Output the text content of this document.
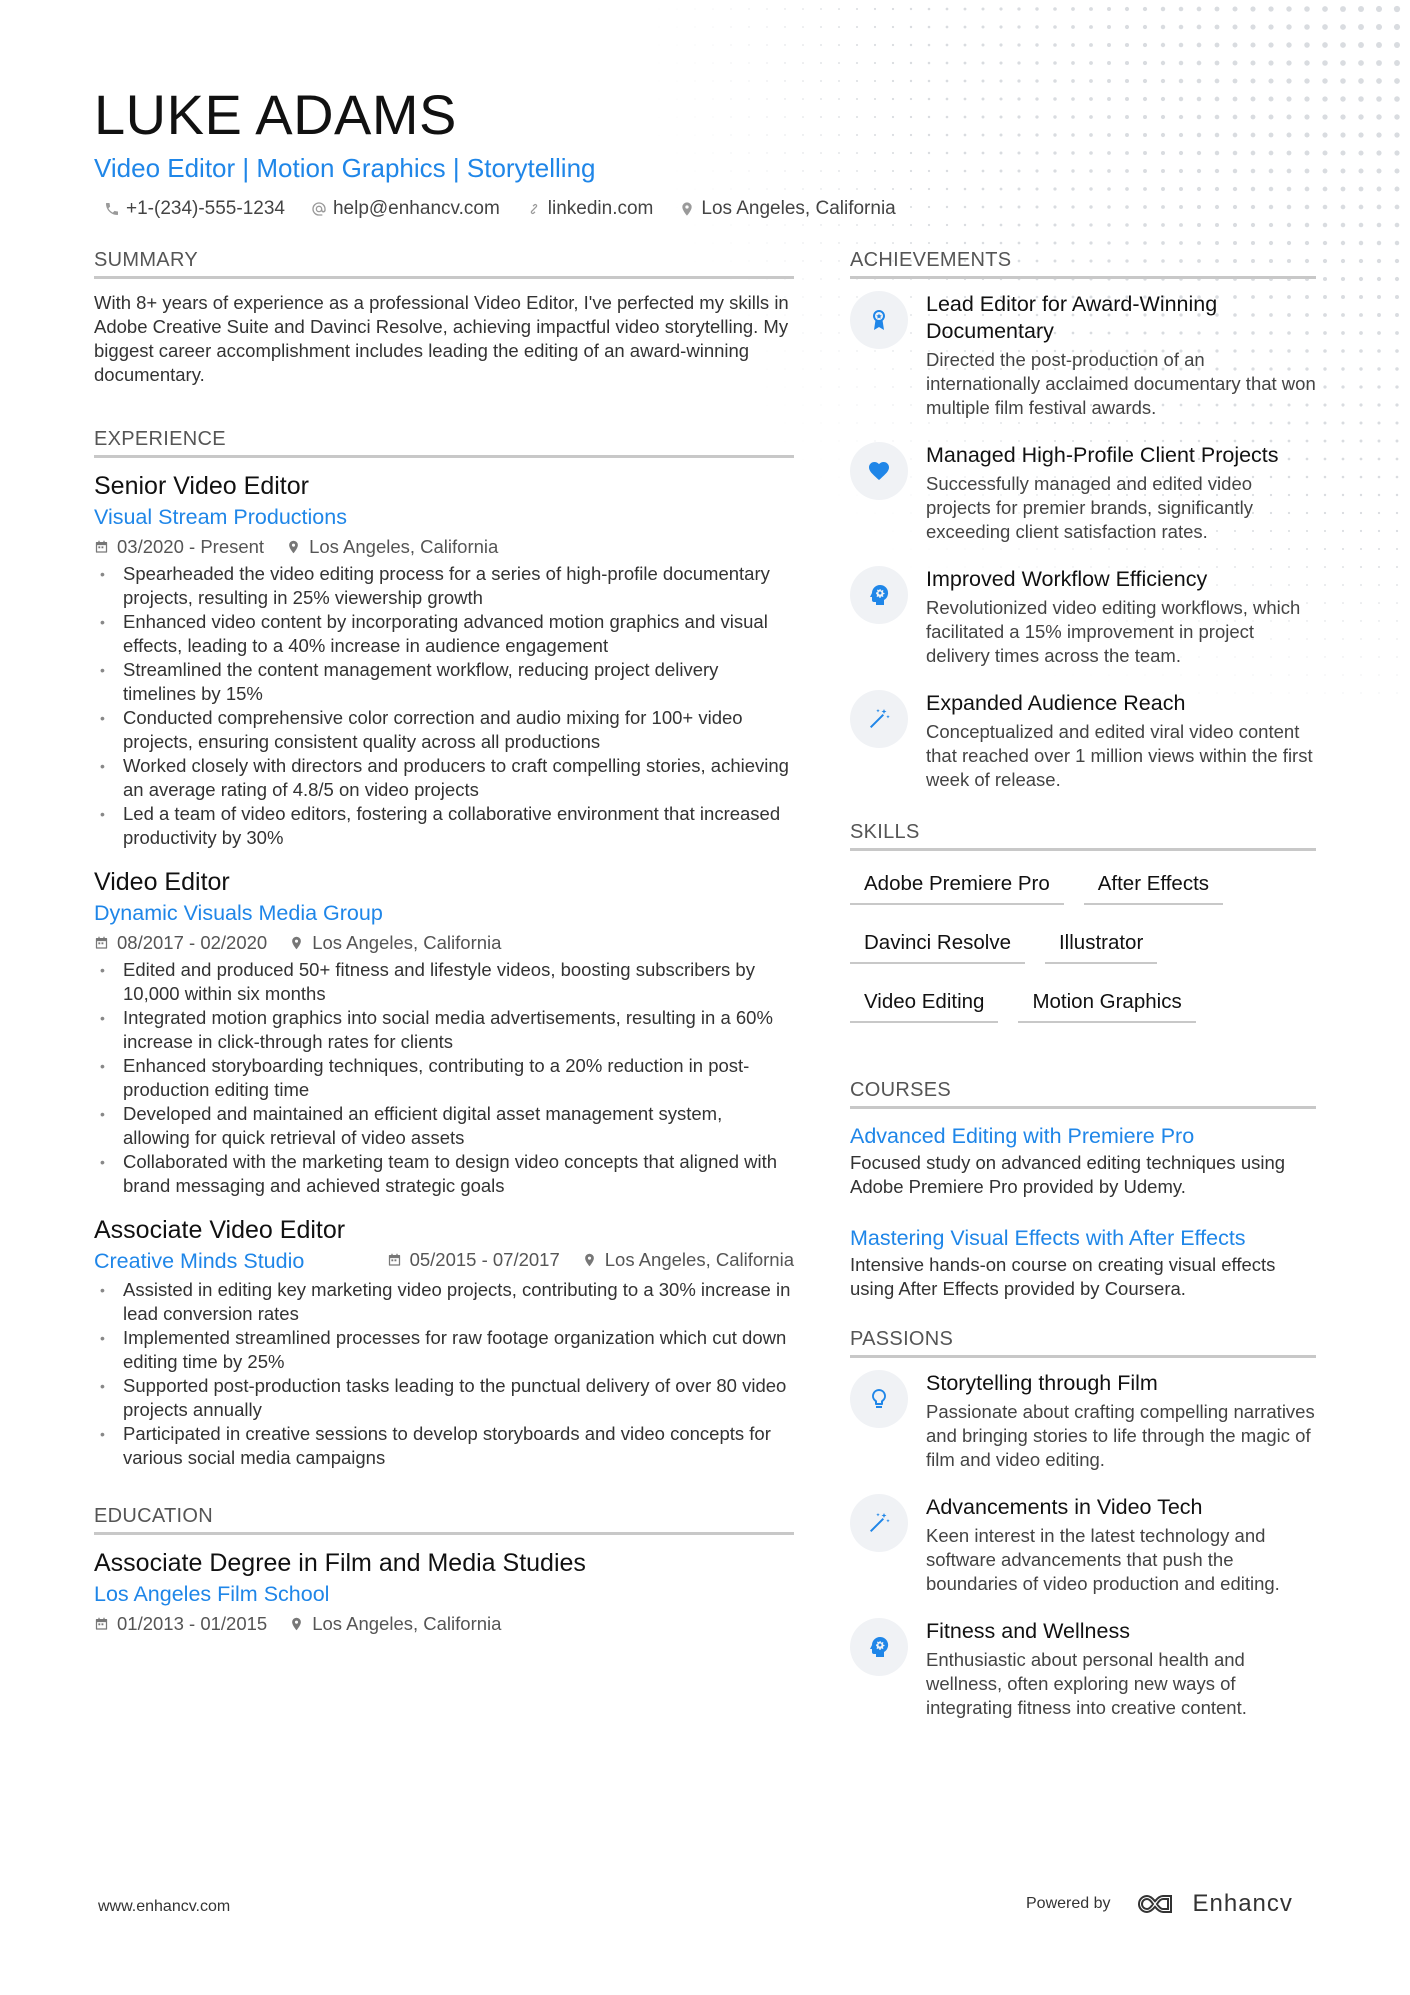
LUKE ADAMS
Video Editor | Motion Graphics | Storytelling
+1-(234)-555-1234	help@enhancv.com	linkedin.com	Los Angeles, California
SUMMARY
With 8+ years of experience as a professional Video Editor, I've perfected my skills in Adobe Creative Suite and Davinci Resolve, achieving impactful video storytelling. My biggest career accomplishment includes leading the editing of an award-winning documentary.
EXPERIENCE
Senior Video Editor
Visual Stream Productions
03/2020 - Present Los Angeles, California
• Spearheaded the video editing process for a series of high-profile documentary projects, resulting in 25% viewership growth
• Enhanced video content by incorporating advanced motion graphics and visual effects, leading to a 40% increase in audience engagement
• Streamlined the content management workflow, reducing project delivery timelines by 15%
• Conducted comprehensive color correction and audio mixing for 100+ video projects, ensuring consistent quality across all productions
• Worked closely with directors and producers to craft compelling stories, achieving an average rating of 4.8/5 on video projects
• Led a team of video editors, fostering a collaborative environment that increased productivity by 30%
Video Editor
Dynamic Visuals Media Group
08/2017 - 02/2020 Los Angeles, California
• Edited and produced 50+ fitness and lifestyle videos, boosting subscribers by 10,000 within six months
• Integrated motion graphics into social media advertisements, resulting in a 60% increase in click-through rates for clients
• Enhanced storyboarding techniques, contributing to a 20% reduction in post-production editing time
• Developed and maintained an efficient digital asset management system, allowing for quick retrieval of video assets
• Collaborated with the marketing team to design video concepts that aligned with brand messaging and achieved strategic goals
Associate Video Editor
Creative Minds Studio	05/2015 - 07/2017 Los Angeles, California
• Assisted in editing key marketing video projects, contributing to a 30% increase in lead conversion rates
• Implemented streamlined processes for raw footage organization which cut down editing time by 25%
• Supported post-production tasks leading to the punctual delivery of over 80 video projects annually
• Participated in creative sessions to develop storyboards and video concepts for various social media campaigns
EDUCATION
Associate Degree in Film and Media Studies
Los Angeles Film School
01/2013 - 01/2015 Los Angeles, California
ACHIEVEMENTS
Lead Editor for Award-Winning Documentary
Directed the post-production of an internationally acclaimed documentary that won multiple film festival awards.
Managed High-Profile Client Projects
Successfully managed and edited video projects for premier brands, significantly exceeding client satisfaction rates.
Improved Workflow Efficiency
Revolutionized video editing workflows, which facilitated a 15% improvement in project delivery times across the team.
Expanded Audience Reach
Conceptualized and edited viral video content that reached over 1 million views within the first week of release.
SKILLS
Adobe Premiere Pro	After Effects
Davinci Resolve	Illustrator
Video Editing	Motion Graphics
COURSES
Advanced Editing with Premiere Pro
Focused study on advanced editing techniques using Adobe Premiere Pro provided by Udemy.
Mastering Visual Effects with After Effects
Intensive hands-on course on creating visual effects using After Effects provided by Coursera.
PASSIONS
Storytelling through Film
Passionate about crafting compelling narratives and bringing stories to life through the magic of film and video editing.
Advancements in Video Tech
Keen interest in the latest technology and software advancements that push the boundaries of video production and editing.
Fitness and Wellness
Enthusiastic about personal health and wellness, often exploring new ways of integrating fitness into creative content.
www.enhancv.com	Powered by	Enhancv
